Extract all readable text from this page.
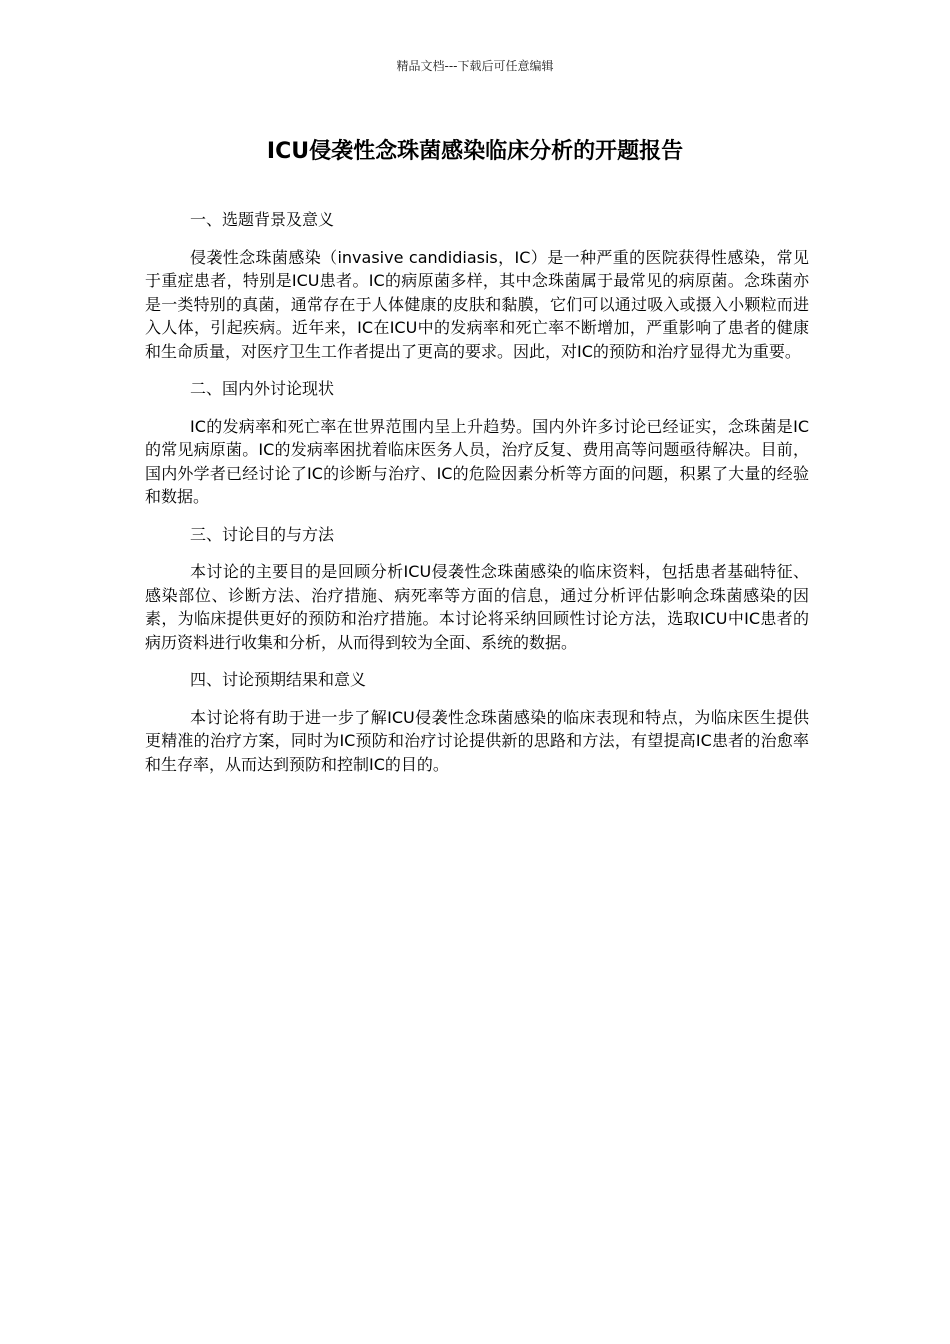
精品文档---下载后可任意编辑
ICU侵袭性念珠菌感染临床分析的开题报告

一、选题背景及意义

侵袭性念珠菌感染（invasive candidiasis，IC）是一种严重的医院获得性感染，常见于重症患者，特别是ICU患者。IC的病原菌多样，其中念珠菌属于最常见的病原菌。念珠菌亦是一类特别的真菌，通常存在于人体健康的皮肤和黏膜，它们可以通过吸入或摄入小颗粒而进入人体，引起疾病。近年来，IC在ICU中的发病率和死亡率不断增加，严重影响了患者的健康和生命质量，对医疗卫生工作者提出了更高的要求。因此，对IC的预防和治疗显得尤为重要。

二、国内外讨论现状

IC的发病率和死亡率在世界范围内呈上升趋势。国内外许多讨论已经证实，念珠菌是IC的常见病原菌。IC的发病率困扰着临床医务人员，治疗反复、费用高等问题亟待解决。目前，国内外学者已经讨论了IC的诊断与治疗、IC的危险因素分析等方面的问题，积累了大量的经验和数据。

三、讨论目的与方法

本讨论的主要目的是回顾分析ICU侵袭性念珠菌感染的临床资料，包括患者基础特征、感染部位、诊断方法、治疗措施、病死率等方面的信息，通过分析评估影响念珠菌感染的因素，为临床提供更好的预防和治疗措施。本讨论将采纳回顾性讨论方法，选取ICU中IC患者的病历资料进行收集和分析，从而得到较为全面、系统的数据。

四、讨论预期结果和意义

本讨论将有助于进一步了解ICU侵袭性念珠菌感染的临床表现和特点，为临床医生提供更精准的治疗方案，同时为IC预防和治疗讨论提供新的思路和方法，有望提高IC患者的治愈率和生存率，从而达到预防和控制IC的目的。
